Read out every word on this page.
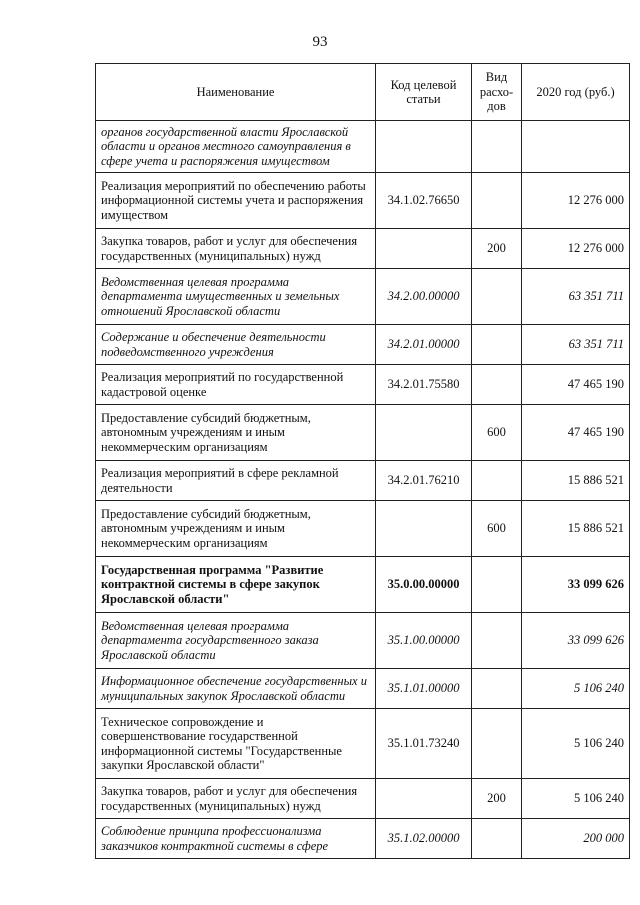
93
Наименование	Код целевой статьи	Вид расхо-дов	2020 год (руб.)
органов государственной власти Ярославской области и органов местного самоуправления в сфере учета и распоряжения имуществом			
Реализация мероприятий по обеспечению работы информационной системы учета и распоряжения имуществом	34.1.02.76650		12 276 000
Закупка товаров, работ и услуг для обеспечения государственных (муниципальных) нужд		200	12 276 000
Ведомственная целевая программа департамента имущественных и земельных отношений Ярославской области	34.2.00.00000		63 351 711
Содержание и обеспечение деятельности подведомственного учреждения	34.2.01.00000		63 351 711
Реализация мероприятий по государственной кадастровой оценке	34.2.01.75580		47 465 190
Предоставление субсидий бюджетным, автономным учреждениям и иным некоммерческим организациям		600	47 465 190
Реализация мероприятий в сфере рекламной деятельности	34.2.01.76210		15 886 521
Предоставление субсидий бюджетным, автономным учреждениям и иным некоммерческим организациям		600	15 886 521
Государственная программа "Развитие контрактной системы в сфере закупок Ярославской области"	35.0.00.00000		33 099 626
Ведомственная целевая программа департамента государственного заказа Ярославской области	35.1.00.00000		33 099 626
Информационное обеспечение государственных и муниципальных закупок Ярославской области	35.1.01.00000		5 106 240
Техническое сопровождение и совершенствование государственной информационной системы "Государственные закупки Ярославской области"	35.1.01.73240		5 106 240
Закупка товаров, работ и услуг для обеспечения государственных (муниципальных) нужд		200	5 106 240
Соблюдение принципа профессионализма заказчиков контрактной системы в сфере	35.1.02.00000		200 000
